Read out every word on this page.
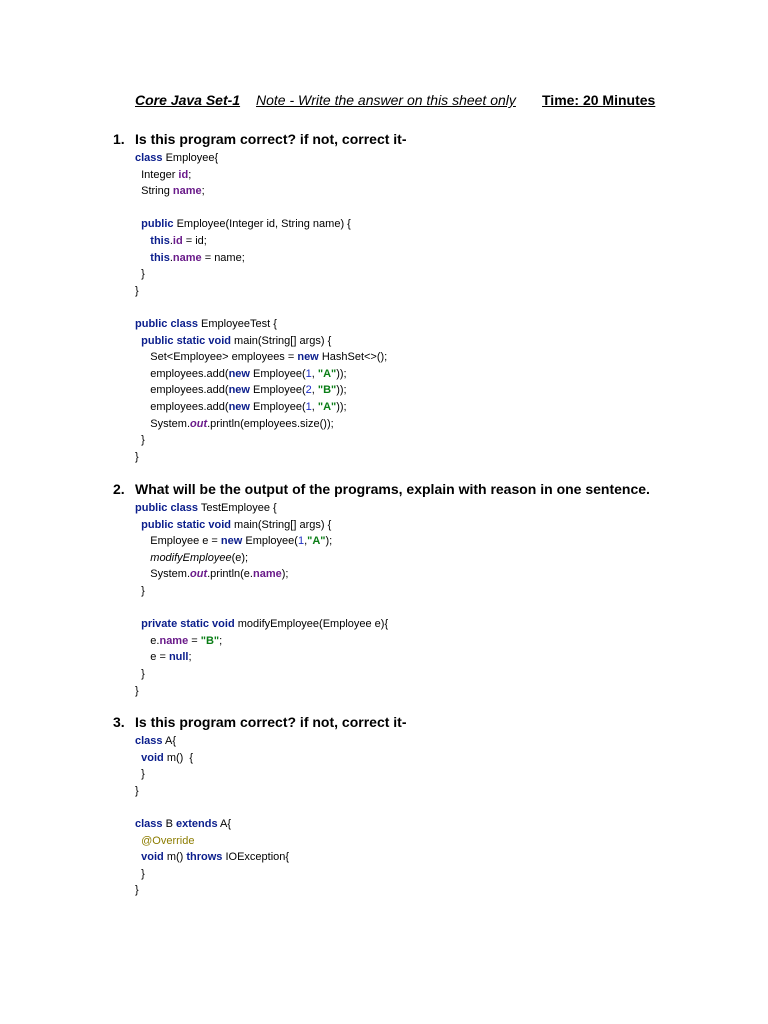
Core Java Set-1 Note - Write the answer on this sheet only Time: 20 Minutes
1. Is this program correct? if not, correct it-
class Employee{
Integer id;
String name;

public Employee(Integer id, String name) {
this.id = id;
this.name = name;
}
}

public class EmployeeTest {
public static void main(String[] args) {
Set<Employee> employees = new HashSet<>();
employees.add(new Employee(1, "A"));
employees.add(new Employee(2, "B"));
employees.add(new Employee(1, "A"));
System.out.println(employees.size());
}
}
2. What will be the output of the programs, explain with reason in one sentence.
public class TestEmployee {
public static void main(String[] args) {
Employee e = new Employee(1,"A");
modifyEmployee(e);
System.out.println(e.name);
}

private static void modifyEmployee(Employee e){
e.name = "B";
e = null;
}
}
3. Is this program correct? if not, correct it-
class A{
void m()  {
}
}

class B extends A{
@Override
void m() throws IOException{
}
}
